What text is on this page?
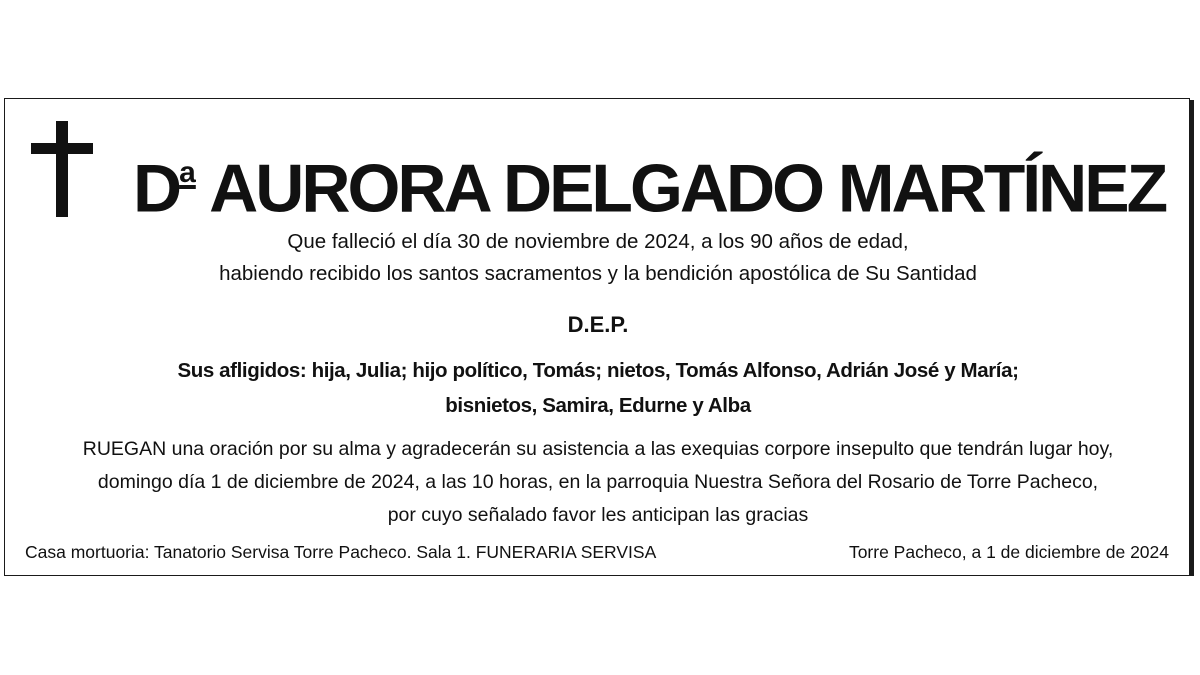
$D^a$ AURORA DELGADO MARTÍNEZ
Que falleció el día 30 de noviembre de 2024, a los 90 años de edad,
habiendo recibido los santos sacramentos y la bendición apostólica de Su Santidad
D.E.P.
Sus afligidos: hija, Julia; hijo político, Tomás; nietos, Tomás Alfonso, Adrián José y María;
bisnietos, Samira, Edurne y Alba
RUEGAN una oración por su alma y agradecerán su asistencia a las exequias corpore insepulto que tendrán lugar hoy,
domingo día 1 de diciembre de 2024, a las 10 horas, en la parroquia Nuestra Señora del Rosario de Torre Pacheco,
por cuyo señalado favor les anticipan las gracias
Casa mortuoria: Tanatorio Servisa Torre Pacheco. Sala 1. FUNERARIA SERVISA	Torre Pacheco, a 1 de diciembre de 2024
